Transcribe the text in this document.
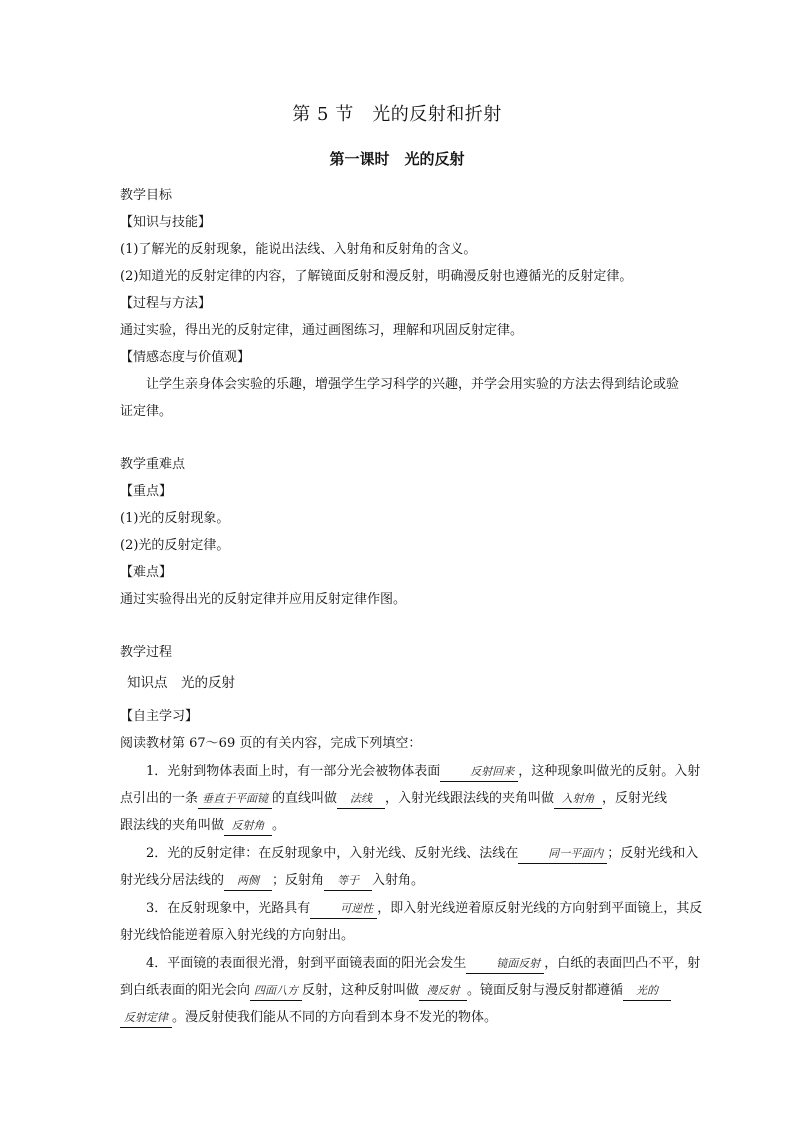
第 5 节　光的反射和折射
第一课时　光的反射
教学目标
【知识与技能】
(1)了解光的反射现象，能说出法线、入射角和反射角的含义。
(2)知道光的反射定律的内容，了解镜面反射和漫反射，明确漫反射也遵循光的反射定律。
【过程与方法】
通过实验，得出光的反射定律，通过画图练习，理解和巩固反射定律。
【情感态度与价值观】
让学生亲身体会实验的乐趣，增强学生学习科学的兴趣，并学会用实验的方法去得到结论或验
证定律。
教学重难点
【重点】
(1)光的反射现象。
(2)光的反射定律。
【难点】
通过实验得出光的反射定律并应用反射定律作图。
教学过程
知识点　光的反射
【自主学习】
阅读教材第 67～69 页的有关内容，完成下列填空：
1．光射到物体表面上时，有一部分光会被物体表面	反射回来 ，这种现象叫做光的反射。入射
点引出的一条 垂直于平面镜 的直线叫做 法线 ，入射光线跟法线的夹角叫做 入射角 ，反射光线
跟法线的夹角叫做 反射角 。
2．光的反射定律：在反射现象中，入射光线、反射光线、法线在	同一平面内 ；反射光线和入
射光线分居法线的 两侧 ；反射角 等于 入射角。
3．在反射现象中，光路具有	可逆性 ，即入射光线逆着原反射光线的方向射到平面镜上，其反
射光线恰能逆着原入射光线的方向射出。
4．平面镜的表面很光滑，射到平面镜表面的阳光会发生	镜面反射 ，白纸的表面凹凸不平，射
到白纸表面的阳光会向 四面八方 反射，这种反射叫做 漫反射 。镜面反射与漫反射都遵循 光的
反射定律 。漫反射使我们能从不同的方向看到本身不发光的物体。
